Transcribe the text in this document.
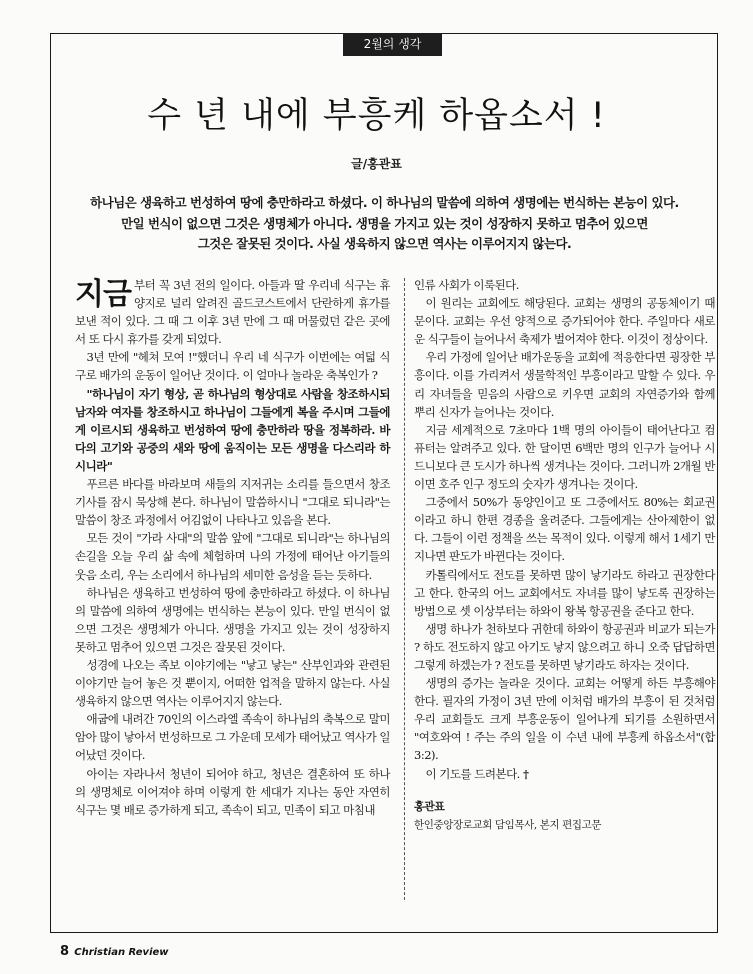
2월의 생각
수 년 내에 부흥케 하옵소서 !
글/홍관표
하나님은 생육하고 번성하여 땅에 충만하라고 하셨다. 이 하나님의 말씀에 의하여 생명에는 번식하는 본능이 있다.
만일 번식이 없으면 그것은 생명체가 아니다. 생명을 가지고 있는 것이 성장하지 못하고 멈추어 있으면
그것은 잘못된 것이다. 사실 생육하지 않으면 역사는 이루어지지 않는다.

지금 부터 꼭 3년 전의 일이다. 아들과 딸 우리네 식구는 휴양지로 널리 알려진 골드코스트에서 단란하게 휴가를 보낸 적이 있다. 그 때 그 이후 3년 만에 그 때 머물렀던 같은 곳에서 또 다시 휴가를 갖게 되었다.

3년 만에 "헤쳐 모여 !"했더니 우리 네 식구가 이번에는 여덟 식구로 배가의 운동이 일어난 것이다. 이 얼마나 놀라운 축복인가 ?

"하나님이 자기 형상, 곧 하나님의 형상대로 사람을 창조하시되 남자와 여자를 창조하시고 하나님이 그들에게 복을 주시며 그들에게 이르시되 생육하고 번성하여 땅에 충만하라 땅을 정복하라. 바다의 고기와 공중의 새와 땅에 움직이는 모든 생명을 다스리라 하시니라"

푸르른 바다를 바라보며 새들의 지저귀는 소리를 들으면서 창조 기사를 잠시 묵상해 본다. 하나님이 말씀하시니 "그대로 되니라"는 말씀이 창조 과정에서 어김없이 나타나고 있음을 본다.

모든 것이 "가라 사대"의 말씀 앞에 "그대로 되니라"는 하나님의 손길을 오늘 우리 삶 속에 체험하며 나의 가정에 태어난 아기들의 웃음 소리, 우는 소리에서 하나님의 세미한 음성을 듣는 듯하다.

하나님은 생육하고 번성하여 땅에 충만하라고 하셨다. 이 하나님의 말씀에 의하여 생명에는 번식하는 본능이 있다. 만일 번식이 없으면 그것은 생명체가 아니다. 생명을 가지고 있는 것이 성장하지 못하고 멈추어 있으면 그것은 잘못된 것이다.

성경에 나오는 족보 이야기에는 "낳고 낳는" 산부인과와 관련된 이야기만 늘어 놓은 것 뿐이지, 어떠한 업적을 말하지 않는다. 사실 생육하지 않으면 역사는 이루어지지 않는다.

애굽에 내려간 70인의 이스라엘 족속이 하나님의 축복으로 말미암아 많이 낳아서 번성하므로 그 가운데 모세가 태어났고 역사가 일어났던 것이다.

아이는 자라나서 청년이 되어야 하고, 청년은 결혼하여 또 하나의 생명체로 이어져야 하며 이렇게 한 세대가 지나는 동안 자연히 식구는 몇 배로 증가하게 되고, 족속이 되고, 민족이 되고 마침내

인류 사회가 이룩된다.

이 원리는 교회에도 해당된다. 교회는 생명의 공동체이기 때문이다. 교회는 우선 양적으로 증가되어야 한다. 주일마다 새로운 식구들이 늘어나서 축제가 벌어져야 한다. 이것이 정상이다.

우리 가정에 일어난 배가운동을 교회에 적응한다면 굉장한 부흥이다. 이를 가리켜서 생물학적인 부흥이라고 말할 수 있다. 우리 자녀들을 믿음의 사람으로 키우면 교회의 자연증가와 함께 뿌리 신자가 늘어나는 것이다.

지금 세계적으로 7초마다 1백 명의 아이들이 태어난다고 컴퓨터는 알려주고 있다. 한 달이면 6백만 명의 인구가 늘어나 시드니보다 큰 도시가 하나씩 생겨나는 것이다. 그러니까 2개월 반이면 호주 인구 정도의 숫자가 생겨나는 것이다.

그중에서 50%가 동양인이고 또 그중에서도 80%는 회교권이라고 하니 한편 경종을 울려준다. 그들에게는 산아제한이 없다. 그들이 이런 정책을 쓰는 목적이 있다. 이렇게 해서 1세기 만 지나면 판도가 바뀐다는 것이다.

카톨릭에서도 전도를 못하면 많이 낳기라도 하라고 권장한다고 한다. 한국의 어느 교회에서도 자녀를 많이 낳도록 권장하는 방법으로 셋 이상부터는 하와이 왕복 항공권을 준다고 한다.

생명 하나가 천하보다 귀한데 하와이 항공권과 비교가 되는가 ? 하도 전도하지 않고 아기도 낳지 않으려고 하니 오죽 답답하면 그렇게 하겠는가 ? 전도를 못하면 낳기라도 하자는 것이다.

생명의 증가는 놀라운 것이다. 교회는 어떻게 하든 부흥해야 한다. 필자의 가정이 3년 만에 이처럼 배가의 부흥이 된 것처럼 우리 교회들도 크게 부흥운동이 일어나게 되기를 소원하면서 "여호와여 ! 주는 주의 일을 이 수년 내에 부흥케 하옵소서"(합3:2).

이 기도를 드려본다. †

홍관표

한인중앙장로교회 담임목사, 본지 편집고문

8 Christian Review
